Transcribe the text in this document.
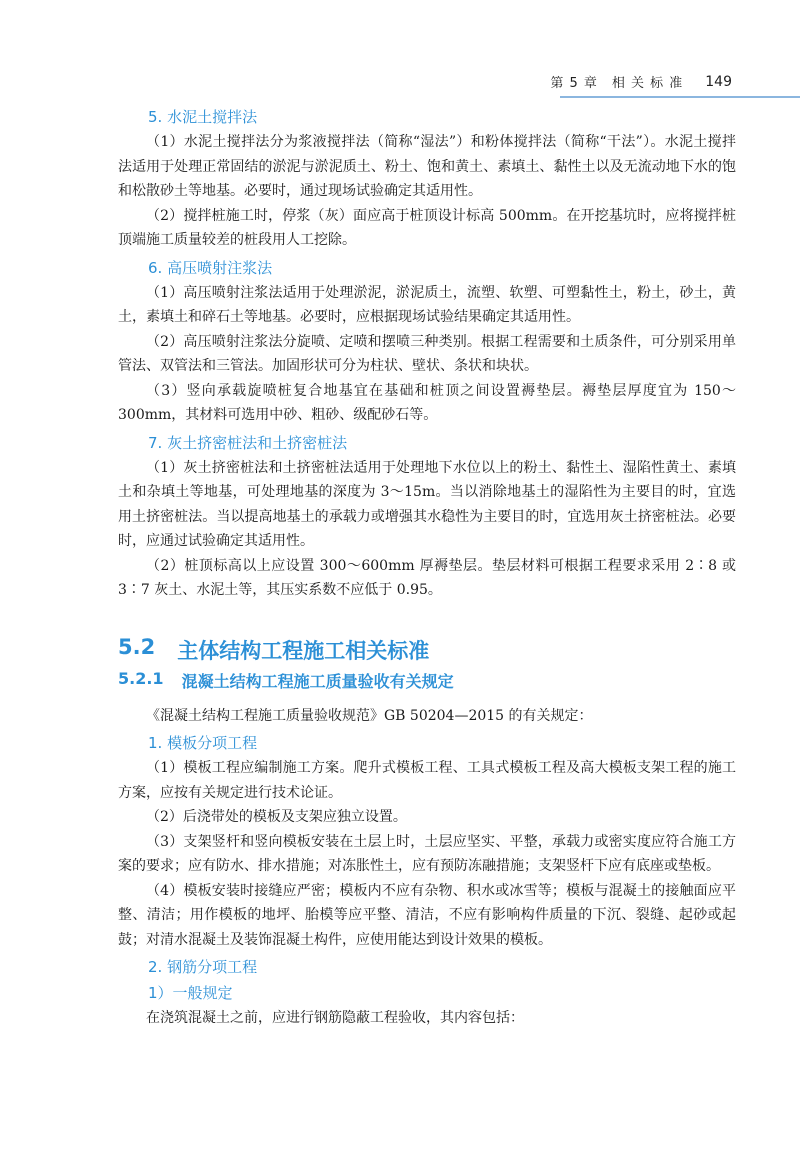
第 5 章　相 关 标 准 149
5. 水泥土搅拌法

（1）水泥土搅拌法分为浆液搅拌法（简称“湿法”）和粉体搅拌法（简称“干法”）。水泥土搅拌法适用于处理正常固结的淤泥与淤泥质土、粉土、饱和黄土、素填土、黏性土以及无流动地下水的饱和松散砂土等地基。必要时，通过现场试验确定其适用性。

（2）搅拌桩施工时，停浆（灰）面应高于桩顶设计标高 500mm。在开挖基坑时，应将搅拌桩顶端施工质量较差的桩段用人工挖除。

6. 高压喷射注浆法

（1）高压喷射注浆法适用于处理淤泥，淤泥质土，流塑、软塑、可塑黏性土，粉土，砂土，黄土，素填土和碎石土等地基。必要时，应根据现场试验结果确定其适用性。

（2）高压喷射注浆法分旋喷、定喷和摆喷三种类别。根据工程需要和土质条件，可分别采用单管法、双管法和三管法。加固形状可分为柱状、壁状、条状和块状。

（3）竖向承载旋喷桩复合地基宜在基础和桩顶之间设置褥垫层。褥垫层厚度宜为 150～300mm，其材料可选用中砂、粗砂、级配砂石等。

7. 灰土挤密桩法和土挤密桩法

（1）灰土挤密桩法和土挤密桩法适用于处理地下水位以上的粉土、黏性土、湿陷性黄土、素填土和杂填土等地基，可处理地基的深度为 3～15m。当以消除地基土的湿陷性为主要目的时，宜选用土挤密桩法。当以提高地基土的承载力或增强其水稳性为主要目的时，宜选用灰土挤密桩法。必要时，应通过试验确定其适用性。

（2）桩顶标高以上应设置 300～600mm 厚褥垫层。垫层材料可根据工程要求采用 2∶8 或 3∶7 灰土、水泥土等，其压实系数不应低于 0.95。

5.2 主体结构工程施工相关标准
5.2.1 混凝土结构工程施工质量验收有关规定

《混凝土结构工程施工质量验收规范》GB 50204—2015 的有关规定：

1. 模板分项工程

（1）模板工程应编制施工方案。爬升式模板工程、工具式模板工程及高大模板支架工程的施工方案，应按有关规定进行技术论证。

（2）后浇带处的模板及支架应独立设置。

（3）支架竖杆和竖向模板安装在土层上时，土层应坚实、平整，承载力或密实度应符合施工方案的要求；应有防水、排水措施；对冻胀性土，应有预防冻融措施；支架竖杆下应有底座或垫板。

（4）模板安装时接缝应严密；模板内不应有杂物、积水或冰雪等；模板与混凝土的接触面应平整、清洁；用作模板的地坪、胎模等应平整、清洁，不应有影响构件质量的下沉、裂缝、起砂或起鼓；对清水混凝土及装饰混凝土构件，应使用能达到设计效果的模板。

2. 钢筋分项工程
1）一般规定

在浇筑混凝土之前，应进行钢筋隐蔽工程验收，其内容包括：
